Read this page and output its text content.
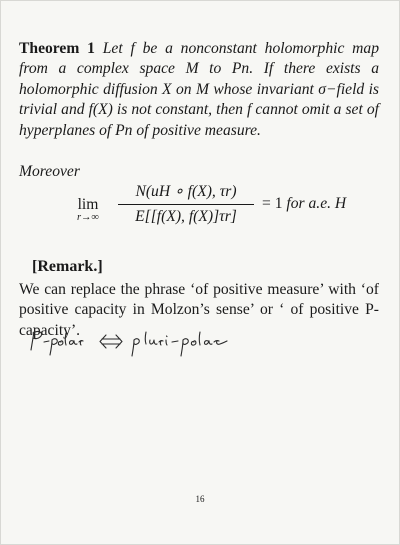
Theorem 1 Let f be a nonconstant holomorphic map from a complex space M to Pn. If there exists a holomorphic diffusion X on M whose invariant σ−field is trivial and f(X) is not constant, then f cannot omit a set of hyperplanes of Pn of positive measure.
Moreover
lim
r→∞
N(uH ∘ f(X), τr)
E[[f(X), f(X)]τr]
= 1 for a.e. H
[Remark.]
We can replace the phrase ‘of positive measure’ with ‘of positive capacity in Molzon’s sense’ or ‘ of positive P-capacity’.
16
